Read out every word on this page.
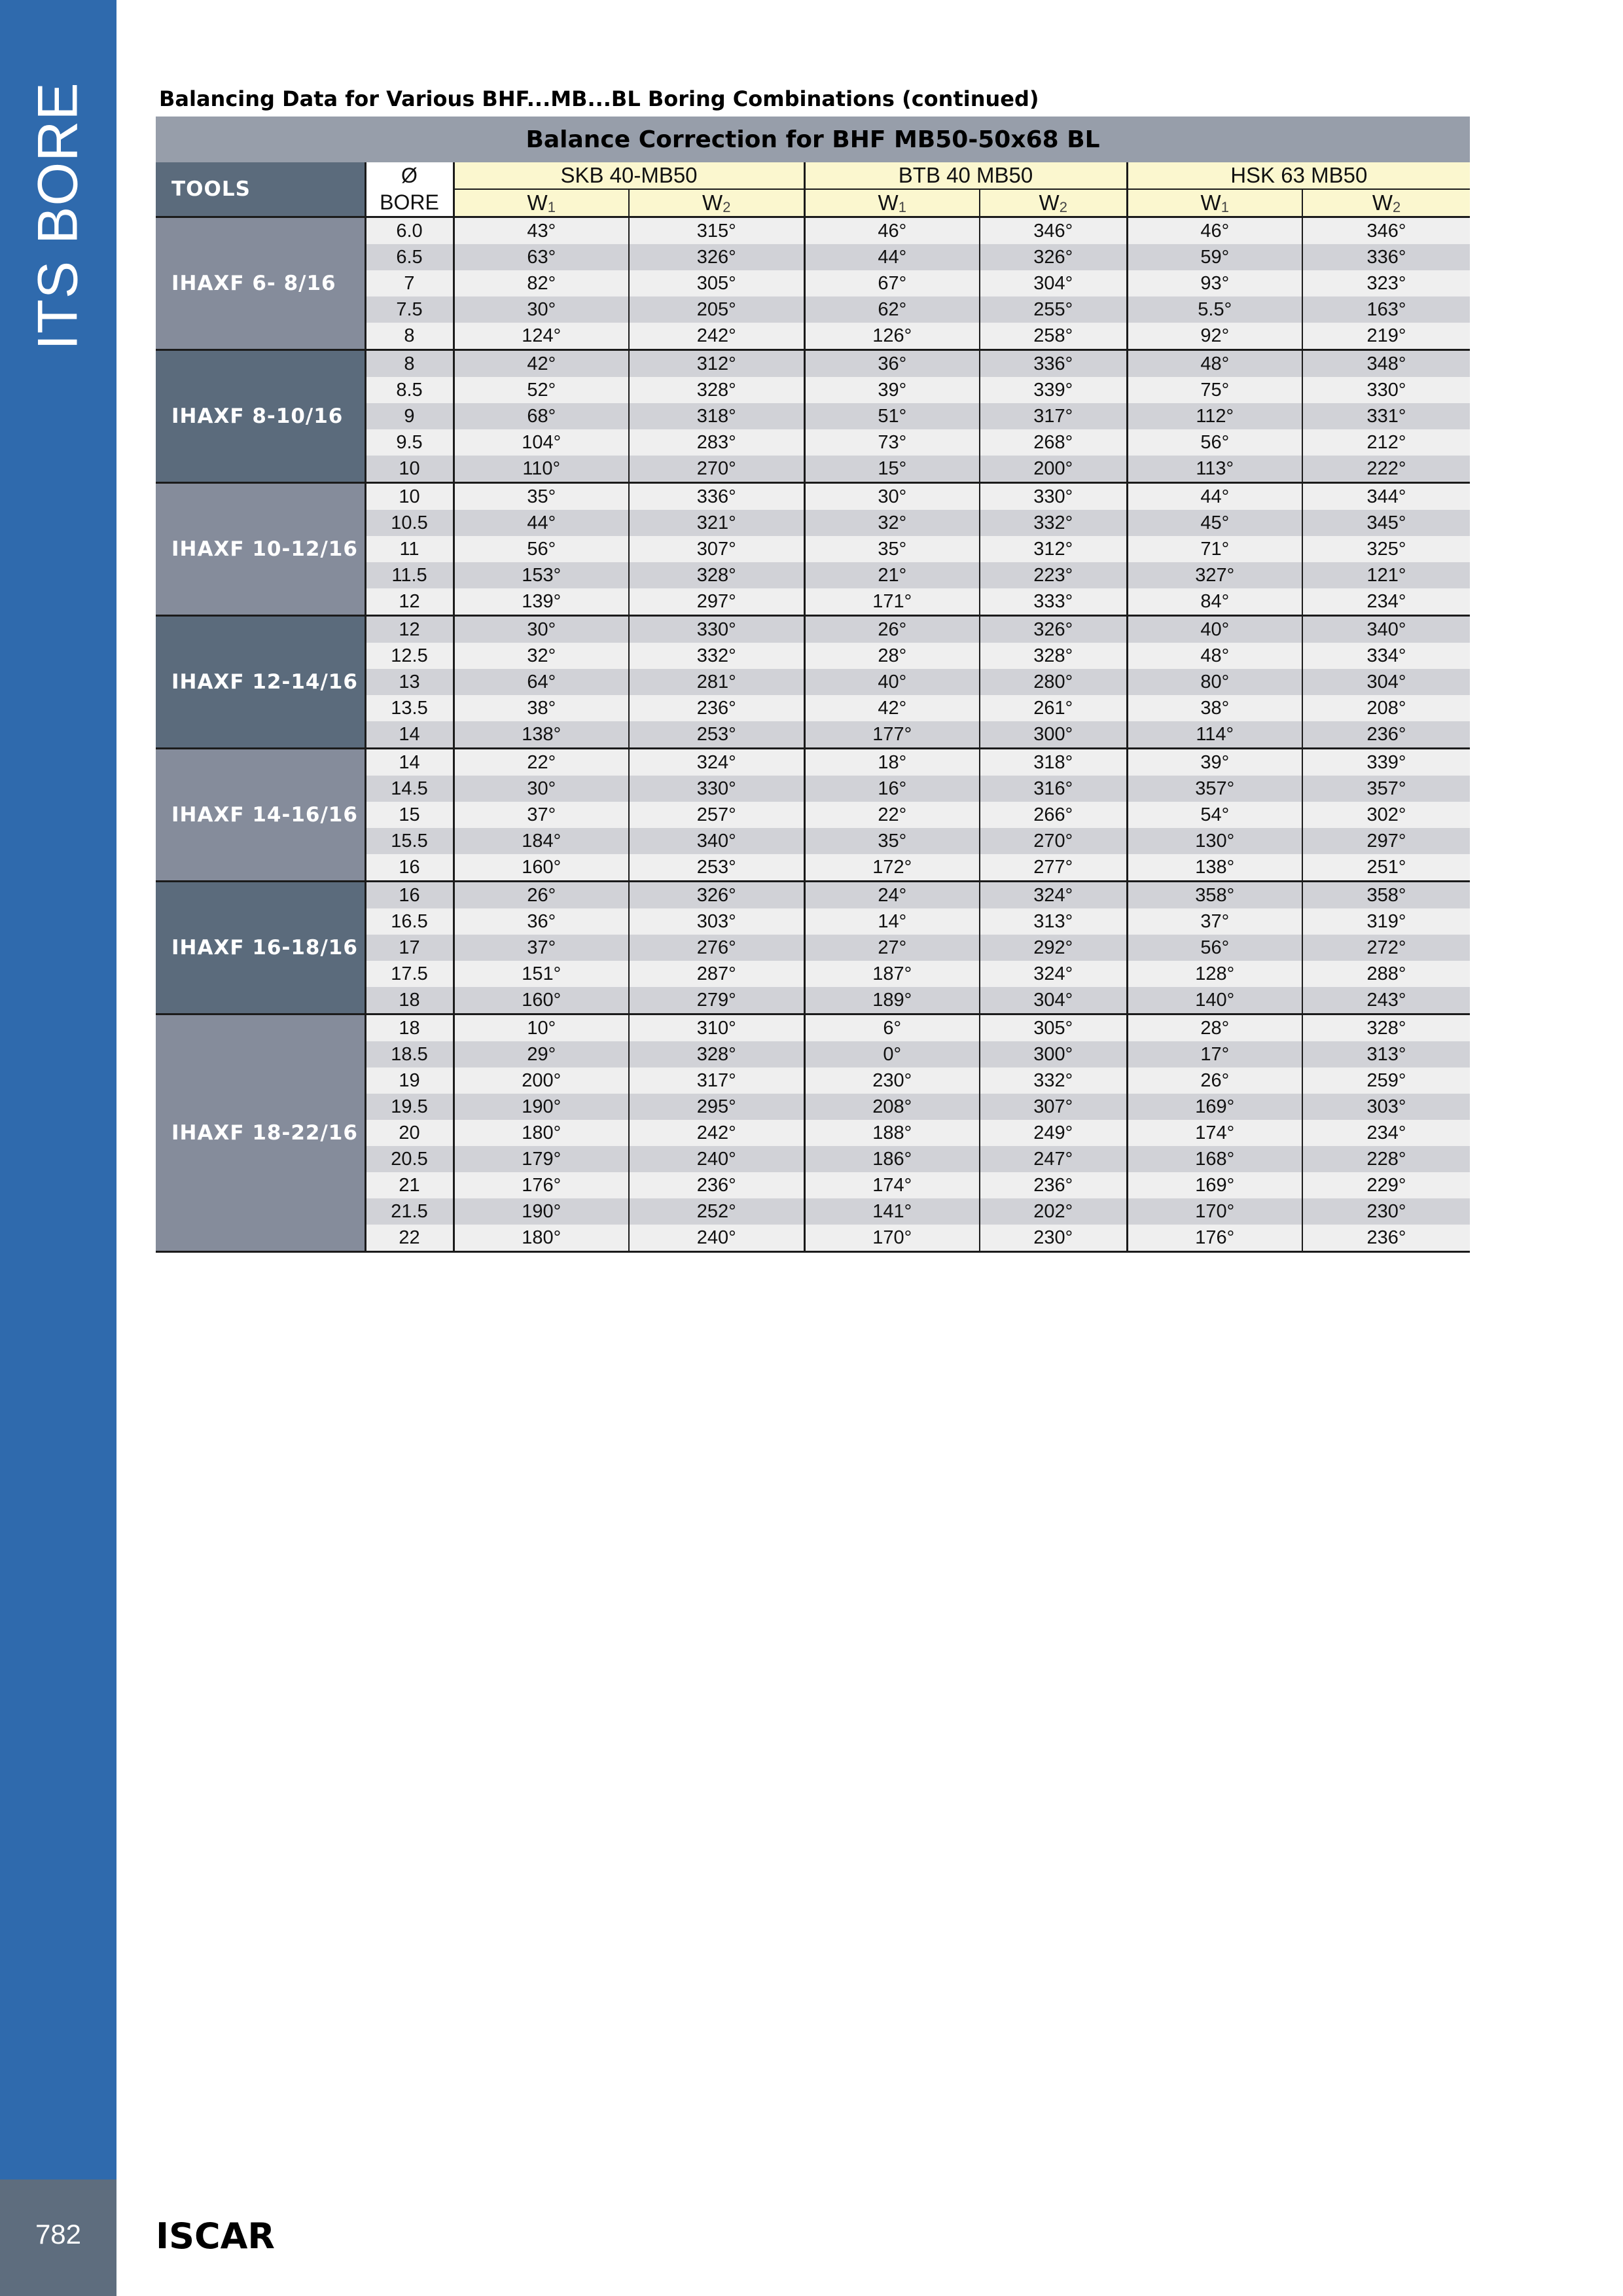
ITS BORE
782	ISCAR
Balancing Data for Various BHF...MB...BL Boring Combinations (continued)
Balance Correction for BHF MB50-50x68 BL							
TOOLS	Ø	SKB 40-MB50		BTB 40 MB50		HSK 63 MB50	
	BORE	$W_1$	$W_2$	$W_1$	$W_2$	$W_1$	$W_2$
IHAXF 6- 8/16	6.0	43°	315°	46°	346°	46°	346°
	6.5	63°	326°	44°	326°	59°	336°
	7	82°	305°	67°	304°	93°	323°
	7.5	30°	205°	62°	255°	5.5°	163°
	8	124°	242°	126°	258°	92°	219°
IHAXF 8-10/16	8	42°	312°	36°	336°	48°	348°
	8.5	52°	328°	39°	339°	75°	330°
	9	68°	318°	51°	317°	112°	331°
	9.5	104°	283°	73°	268°	56°	212°
	10	110°	270°	15°	200°	113°	222°
IHAXF 10-12/16	10	35°	336°	30°	330°	44°	344°
	10.5	44°	321°	32°	332°	45°	345°
	11	56°	307°	35°	312°	71°	325°
	11.5	153°	328°	21°	223°	327°	121°
	12	139°	297°	171°	333°	84°	234°
IHAXF 12-14/16	12	30°	330°	26°	326°	40°	340°
	12.5	32°	332°	28°	328°	48°	334°
	13	64°	281°	40°	280°	80°	304°
	13.5	38°	236°	42°	261°	38°	208°
	14	138°	253°	177°	300°	114°	236°
IHAXF 14-16/16	14	22°	324°	18°	318°	39°	339°
	14.5	30°	330°	16°	316°	357°	357°
	15	37°	257°	22°	266°	54°	302°
	15.5	184°	340°	35°	270°	130°	297°
	16	160°	253°	172°	277°	138°	251°
IHAXF 16-18/16	16	26°	326°	24°	324°	358°	358°
	16.5	36°	303°	14°	313°	37°	319°
	17	37°	276°	27°	292°	56°	272°
	17.5	151°	287°	187°	324°	128°	288°
	18	160°	279°	189°	304°	140°	243°
IHAXF 18-22/16	18	10°	310°	6°	305°	28°	328°
	18.5	29°	328°	0°	300°	17°	313°
	19	200°	317°	230°	332°	26°	259°
	19.5	190°	295°	208°	307°	169°	303°
	20	180°	242°	188°	249°	174°	234°
	20.5	179°	240°	186°	247°	168°	228°
	21	176°	236°	174°	236°	169°	229°
	21.5	190°	252°	141°	202°	170°	230°
	22	180°	240°	170°	230°	176°	236°
